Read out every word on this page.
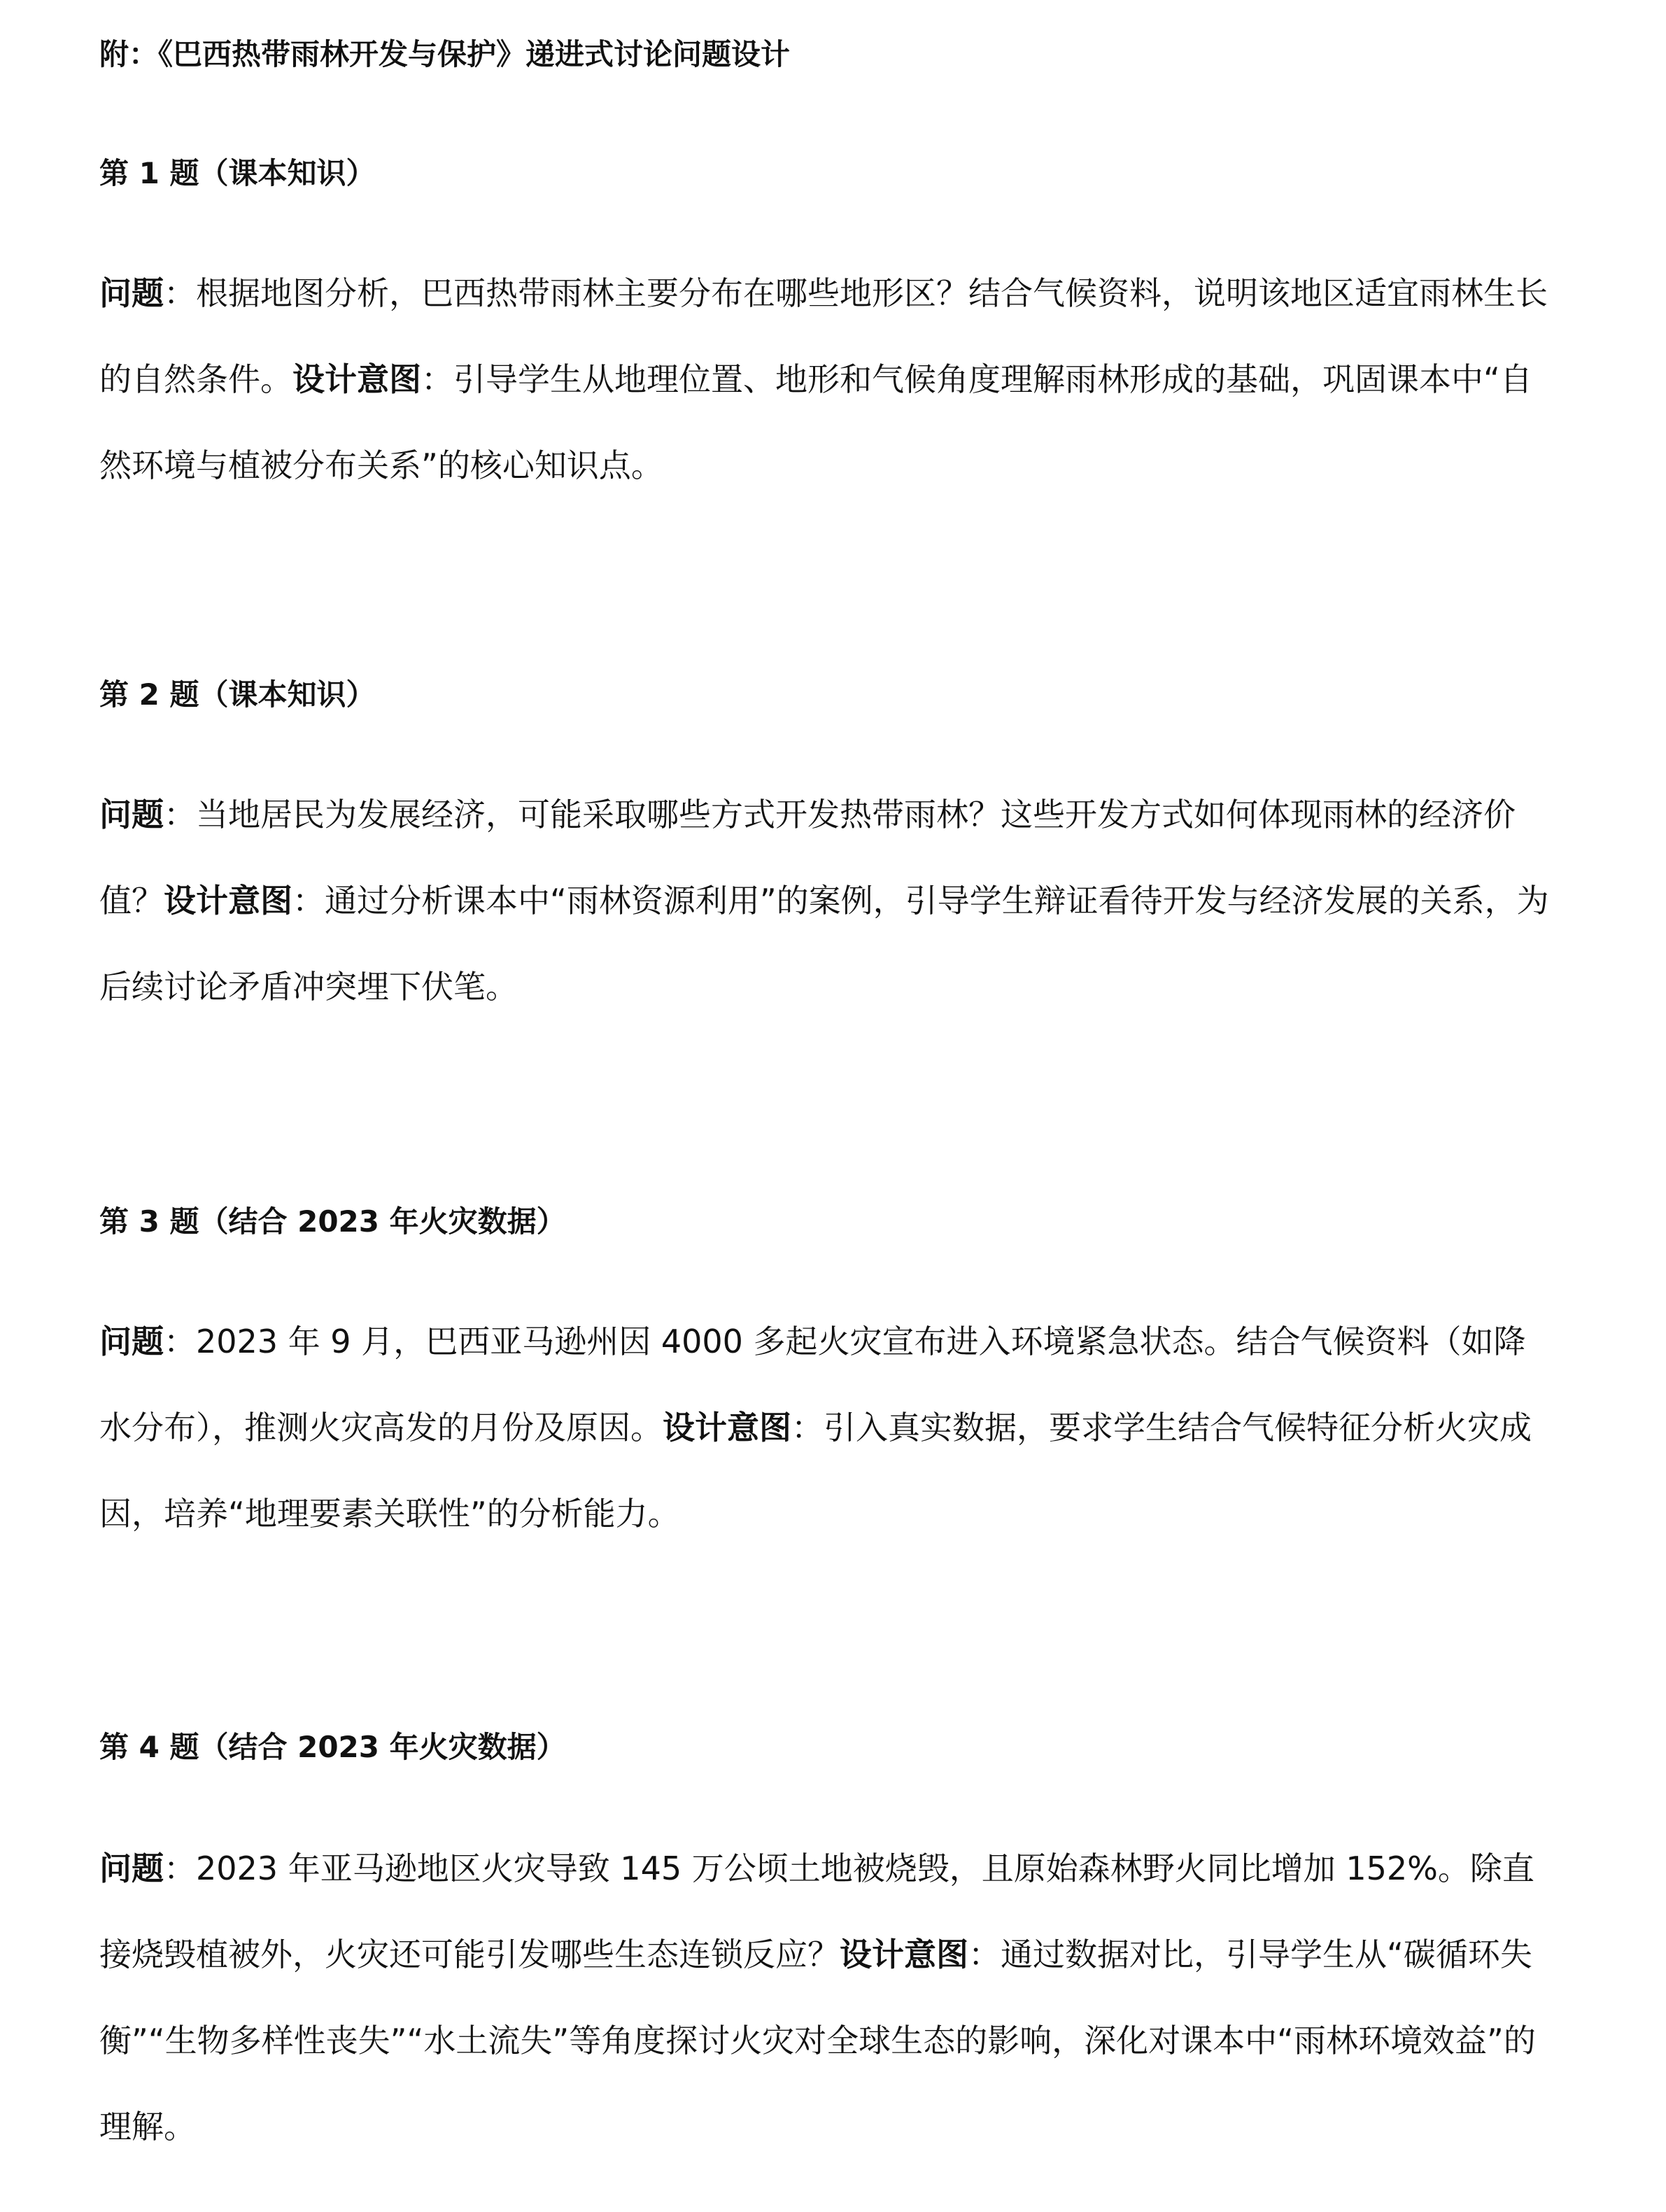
附：《巴西热带雨林开发与保护》递进式讨论问题设计
第 1 题（课本知识）
问题：根据地图分析，巴西热带雨林主要分布在哪些地形区？结合气候资料，说明该地区适宜雨林生长的自然条件。设计意图：引导学生从地理位置、地形和气候角度理解雨林形成的基础，巩固课本中“自然环境与植被分布关系”的核心知识点。
第 2 题（课本知识）
问题：当地居民为发展经济，可能采取哪些方式开发热带雨林？这些开发方式如何体现雨林的经济价值？设计意图：通过分析课本中“雨林资源利用”的案例，引导学生辩证看待开发与经济发展的关系，为后续讨论矛盾冲突埋下伏笔。
第 3 题（结合 2023 年火灾数据）
问题：2023 年 9 月，巴西亚马逊州因 4000 多起火灾宣布进入环境紧急状态。结合气候资料（如降水分布），推测火灾高发的月份及原因。设计意图：引入真实数据，要求学生结合气候特征分析火灾成因，培养“地理要素关联性”的分析能力。
第 4 题（结合 2023 年火灾数据）
问题：2023 年亚马逊地区火灾导致 145 万公顷土地被烧毁，且原始森林野火同比增加 152%。除直接烧毁植被外，火灾还可能引发哪些生态连锁反应？设计意图：通过数据对比，引导学生从“碳循环失衡”“生物多样性丧失”“水土流失”等角度探讨火灾对全球生态的影响，深化对课本中“雨林环境效益”的理解。
